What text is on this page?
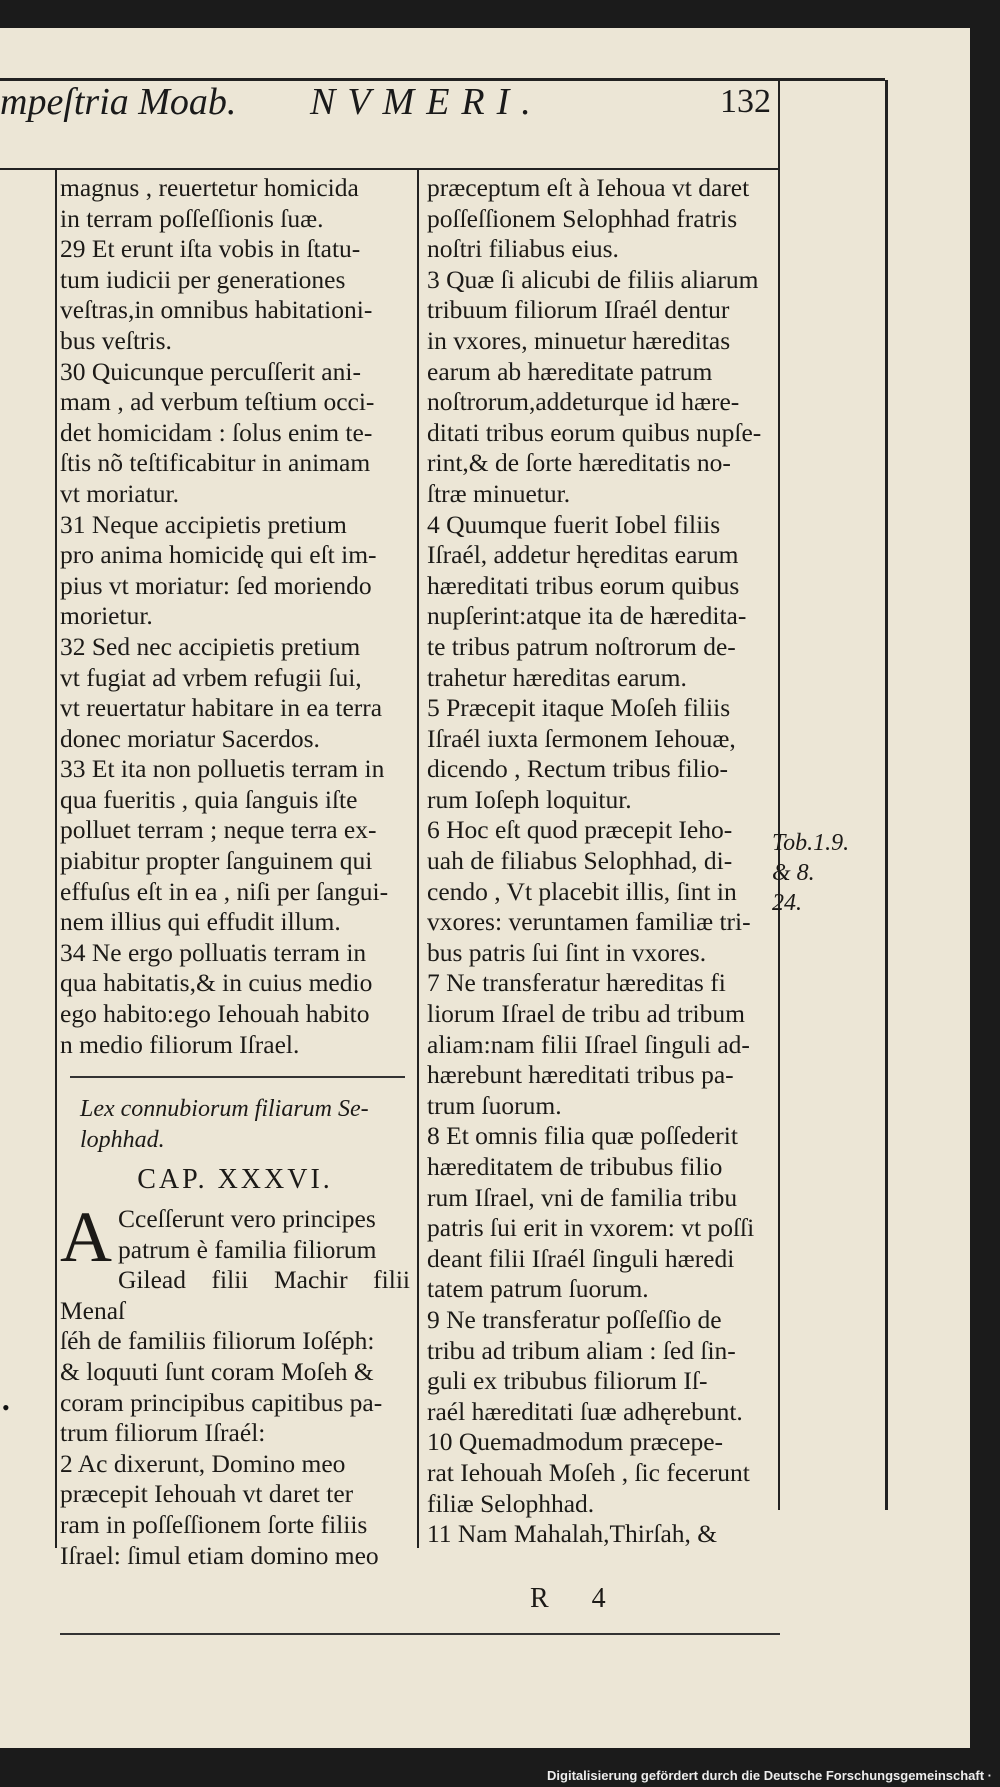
mpeſtria Moab. NVMERI.	132

magnus , reuertetur homicida

in terram poſſeſſionis ſuæ.

29 Et erunt iſta vobis in ſtatu-

tum iudicii per generationes

veſtras,in omnibus habitationi-

bus veſtris.

30 Quicunque percuſſerit ani-

mam , ad verbum teſtium occi-

det homicidam : ſolus enim te-

ſtis nõ teſtificabitur in animam

vt moriatur.

31 Neque accipietis pretium

pro anima homicidę qui eſt im-

pius vt moriatur: ſed moriendo

morietur.

32 Sed nec accipietis pretium

vt fugiat ad vrbem refugii ſui,

vt reuertatur habitare in ea terra

donec moriatur Sacerdos.

33 Et ita non polluetis terram in

qua fueritis , quia ſanguis iſte

polluet terram ; neque terra ex-

piabitur propter ſanguinem qui

effuſus eſt in ea , niſi per ſangui-

nem illius qui effudit illum.

34 Ne ergo polluatis terram in

qua habitatis,& in cuius medio

ego habito:ego Iehouah habito

n medio filiorum Iſrael.

Lex connubiorum filiarum Se- lophhad.
CAP. XXXVI.
A Cceſſerunt vero principes

patrum è familia filiorum

Gilead filii Machir filii Menaſ

ſéh de familiis filiorum Ioſéph:

& loquuti ſunt coram Moſeh &

coram principibus capitibus pa-

trum filiorum Iſraél:

2 Ac dixerunt, Domino meo

præcepit Iehouah vt daret ter

ram in poſſeſſionem ſorte filiis

Iſrael: ſimul etiam domino meo

præceptum eſt à Iehoua vt daret

poſſeſſionem Selophhad fratris

noſtri filiabus eius.

3 Quæ ſi alicubi de filiis aliarum

tribuum filiorum Iſraél dentur

in vxores, minuetur hæreditas

earum ab hæreditate patrum

noſtrorum,addeturque id hære-

ditati tribus eorum quibus nupſe-

rint,& de ſorte hæreditatis no-

ſtræ minuetur.

4 Quumque fuerit Iobel filiis

Iſraél, addetur hęreditas earum

hæreditati tribus eorum quibus

nupſerint:atque ita de hæredita-

te tribus patrum noſtrorum de-

trahetur hæreditas earum.

5 Præcepit itaque Moſeh filiis

Iſraél iuxta ſermonem Iehouæ,

dicendo , Rectum tribus filio-

rum Ioſeph loquitur.

6 Hoc eſt quod præcepit Ieho-

uah de filiabus Selophhad, di-

cendo , Vt placebit illis, ſint in

vxores: veruntamen familiæ tri-

bus patris ſui ſint in vxores.

7 Ne transferatur hæreditas fi

liorum Iſrael de tribu ad tribum

aliam:nam filii Iſrael ſinguli ad-

hærebunt hæreditati tribus pa-

trum ſuorum.

8 Et omnis filia quæ poſſederit

hæreditatem de tribubus filio

rum Iſrael, vni de familia tribu

patris ſui erit in vxorem: vt poſſi

deant filii Iſraél ſinguli hæredi

tatem patrum ſuorum.

9 Ne transferatur poſſeſſio de

tribu ad tribum aliam : ſed ſin-

guli ex tribubus filiorum Iſ-

raél hæreditati ſuæ adhęrebunt.

10 Quemadmodum præcepe-

rat Iehouah Moſeh , ſic fecerunt

filiæ Selophhad.

11 Nam Mahalah,Thirſah, &

Tob.1.9.
& 8.
24.
R 4
•
Digitalisierung gefördert durch die Deutsche Forschungsgemeinschaft ·
